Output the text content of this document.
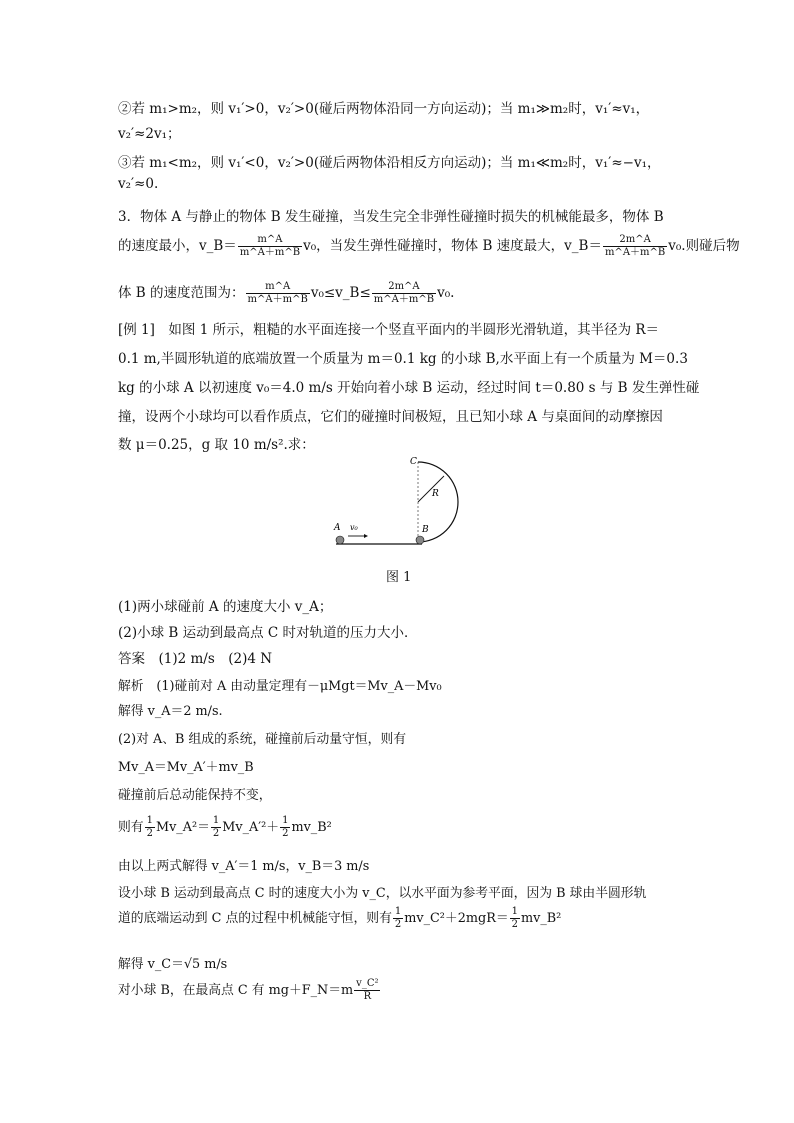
②若 m₁>m₂，则 v₁′>0，v₂′>0(碰后两物体沿同一方向运动)；当 m₁≫m₂时，v₁′≈v₁，
v₂′≈2v₁；
③若 m₁<m₂，则 v₁′<0，v₂′>0(碰后两物体沿相反方向运动)；当 m₁≪m₂时，v₁′≈−v₁，
v₂′≈0.
3．物体 A 与静止的物体 B 发生碰撞，当发生完全非弹性碰撞时损失的机械能最多，物体 B
的速度最小，v_B＝ $\frac{m\^{}A}{m\^{}A+m\^{}B} v_0$，当发生弹性碰撞时，物体 B 速度最大，v_B＝ $\frac{2m\^{}A}{m\^{}A+m\^{}B} v_0$.则碰后物
体 B 的速度范围为： $\frac{m\^{}A}{m\^{}A+m\^{}B}$ v₀≤v_B≤ $\frac{2m\^{}A}{m\^{}A+m\^{}B} v_0$.
[例 1]　如图 1 所示，粗糙的水平面连接一个竖直平面内的半圆形光滑轨道，其半径为 R＝
0.1 m,半圆形轨道的底端放置一个质量为 m＝0.1 kg 的小球 B,水平面上有一个质量为 M＝0.3
kg 的小球 A 以初速度 v₀＝4.0 m/s 开始向着小球 B 运动，经过时间 t＝0.80 s 与 B 发生弹性碰
撞，设两个小球均可以看作质点，它们的碰撞时间极短，且已知小球 A 与桌面间的动摩擦因
数 μ＝0.25，g 取 10 m/s².求：
A v₀	B
C
R
图 1
(1)两小球碰前 A 的速度大小 v_A；
(2)小球 B 运动到最高点 C 时对轨道的压力大小．
答案　(1)2 m/s　(2)4 N
解析　(1)碰前对 A 由动量定理有－μMgt＝Mv_A－Mv₀
解得 v_A＝2 m/s.
(2)对 A、B 组成的系统，碰撞前后动量守恒，则有
Mv_A＝Mv_A′＋mv_B
碰撞前后总动能保持不变，
则有 $\frac{1}{2}$ Mv_A²＝ $\frac{1}{2}$ Mv_A′²＋ $\frac{1}{2}$ mv_B²
由以上两式解得 v_A′＝1 m/s，v_B＝3 m/s
设小球 B 运动到最高点 C 时的速度大小为 v_C，以水平面为参考平面，因为 B 球由半圆形轨
道的底端运动到 C 点的过程中机械能守恒，则有 $\frac{1}{2}$ mv_C²＋2mgR＝ $\frac{1}{2}$ mv_B²
解得 v_C＝√5 m/s
对小球 B，在最高点 C 有 mg＋F_N＝m $\frac{\text{v\_C²}}{R}$
